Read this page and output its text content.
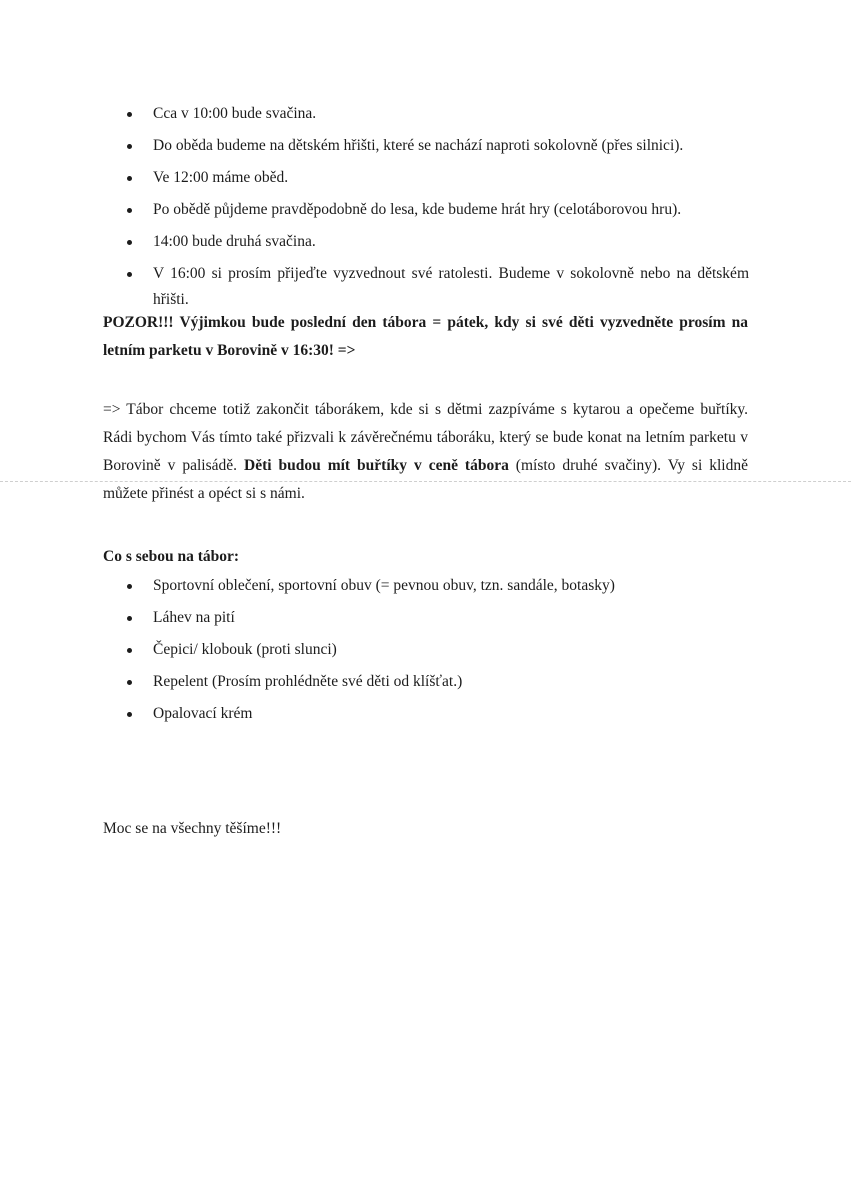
Cca v 10:00 bude svačina.
Do oběda budeme na dětském hřišti, které se nachází naproti sokolovně (přes silnici).
Ve 12:00 máme oběd.
Po obědě půjdeme pravděpodobně do lesa, kde budeme hrát hry (celotáborovou hru).
14:00 bude druhá svačina.
V 16:00 si prosím přijeďte vyzvednout své ratolesti. Budeme v sokolovně nebo na dětském hřišti.
POZOR!!! Výjimkou bude poslední den tábora = pátek, kdy si své děti vyzvedněte prosím na letním parketu v Borovině v 16:30! =>
=> Tábor chceme totiž zakončit táborákem, kde si s dětmi zazpíváme s kytarou a opečeme buřtíky. Rádi bychom Vás tímto také přizvali k závěrečnému táboráku, který se bude konat na letním parketu v Borovině v palisádě. Děti budou mít buřtíky v ceně tábora (místo druhé svačiny). Vy si klidně můžete přinést a opéct si s námi.
Co s sebou na tábor:
Sportovní oblečení, sportovní obuv (= pevnou obuv, tzn. sandále, botasky)
Láhev na pití
Čepici/ klobouk (proti slunci)
Repelent (Prosím prohlédněte své děti od klíšťat.)
Opalovací krém
Moc se na všechny těšíme!!!
